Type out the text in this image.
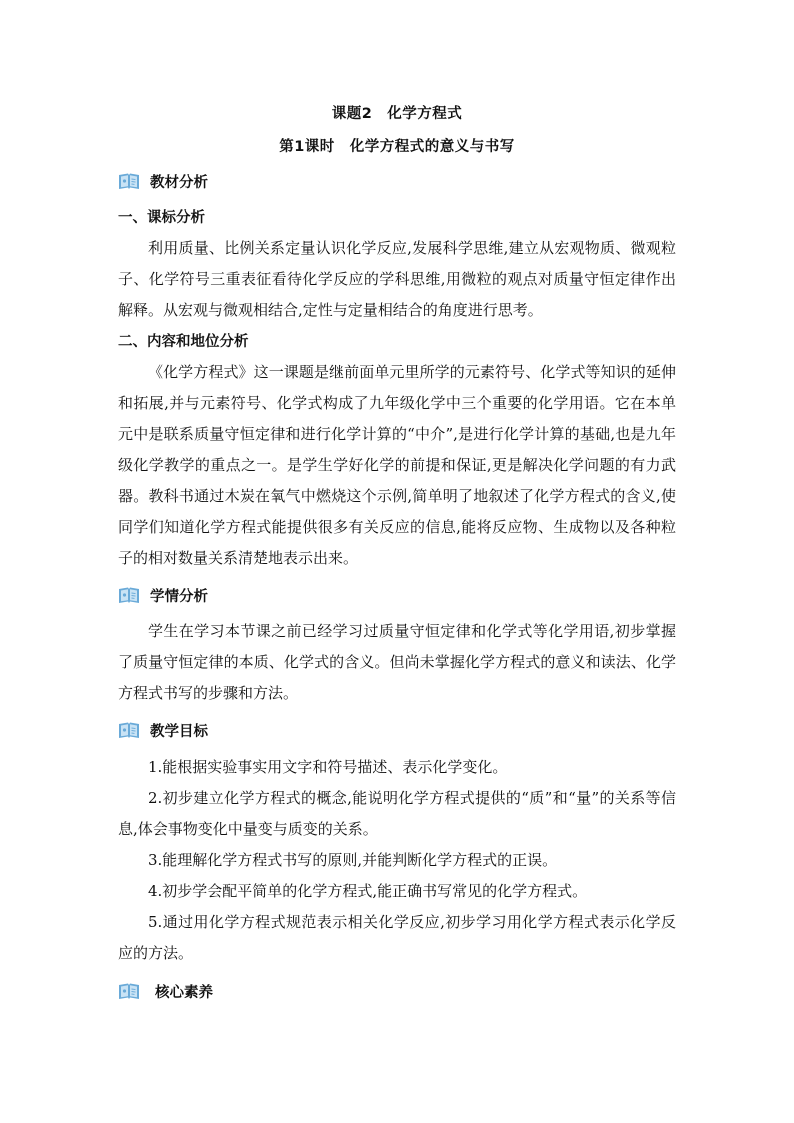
课题2　化学方程式
第1课时　化学方程式的意义与书写
教材分析
一、课标分析

利用质量、比例关系定量认识化学反应,发展科学思维,建立从宏观物质、微观粒子、化学符号三重表征看待化学反应的学科思维,用微粒的观点对质量守恒定律作出解释。从宏观与微观相结合,定性与定量相结合的角度进行思考。

二、内容和地位分析

《化学方程式》这一课题是继前面单元里所学的元素符号、化学式等知识的延伸和拓展,并与元素符号、化学式构成了九年级化学中三个重要的化学用语。它在本单元中是联系质量守恒定律和进行化学计算的“中介”,是进行化学计算的基础,也是九年级化学教学的重点之一。是学生学好化学的前提和保证,更是解决化学问题的有力武器。教科书通过木炭在氧气中燃烧这个示例,简单明了地叙述了化学方程式的含义,使同学们知道化学方程式能提供很多有关反应的信息,能将反应物、生成物以及各种粒子的相对数量关系清楚地表示出来。

学情分析

学生在学习本节课之前已经学习过质量守恒定律和化学式等化学用语,初步掌握了质量守恒定律的本质、化学式的含义。但尚未掌握化学方程式的意义和读法、化学方程式书写的步骤和方法。

教学目标

1.能根据实验事实用文字和符号描述、表示化学变化。

2.初步建立化学方程式的概念,能说明化学方程式提供的“质”和“量”的关系等信息,体会事物变化中量变与质变的关系。

3.能理解化学方程式书写的原则,并能判断化学方程式的正误。

4.初步学会配平简单的化学方程式,能正确书写常见的化学方程式。

5.通过用化学方程式规范表示相关化学反应,初步学习用化学方程式表示化学反应的方法。

核心素养
